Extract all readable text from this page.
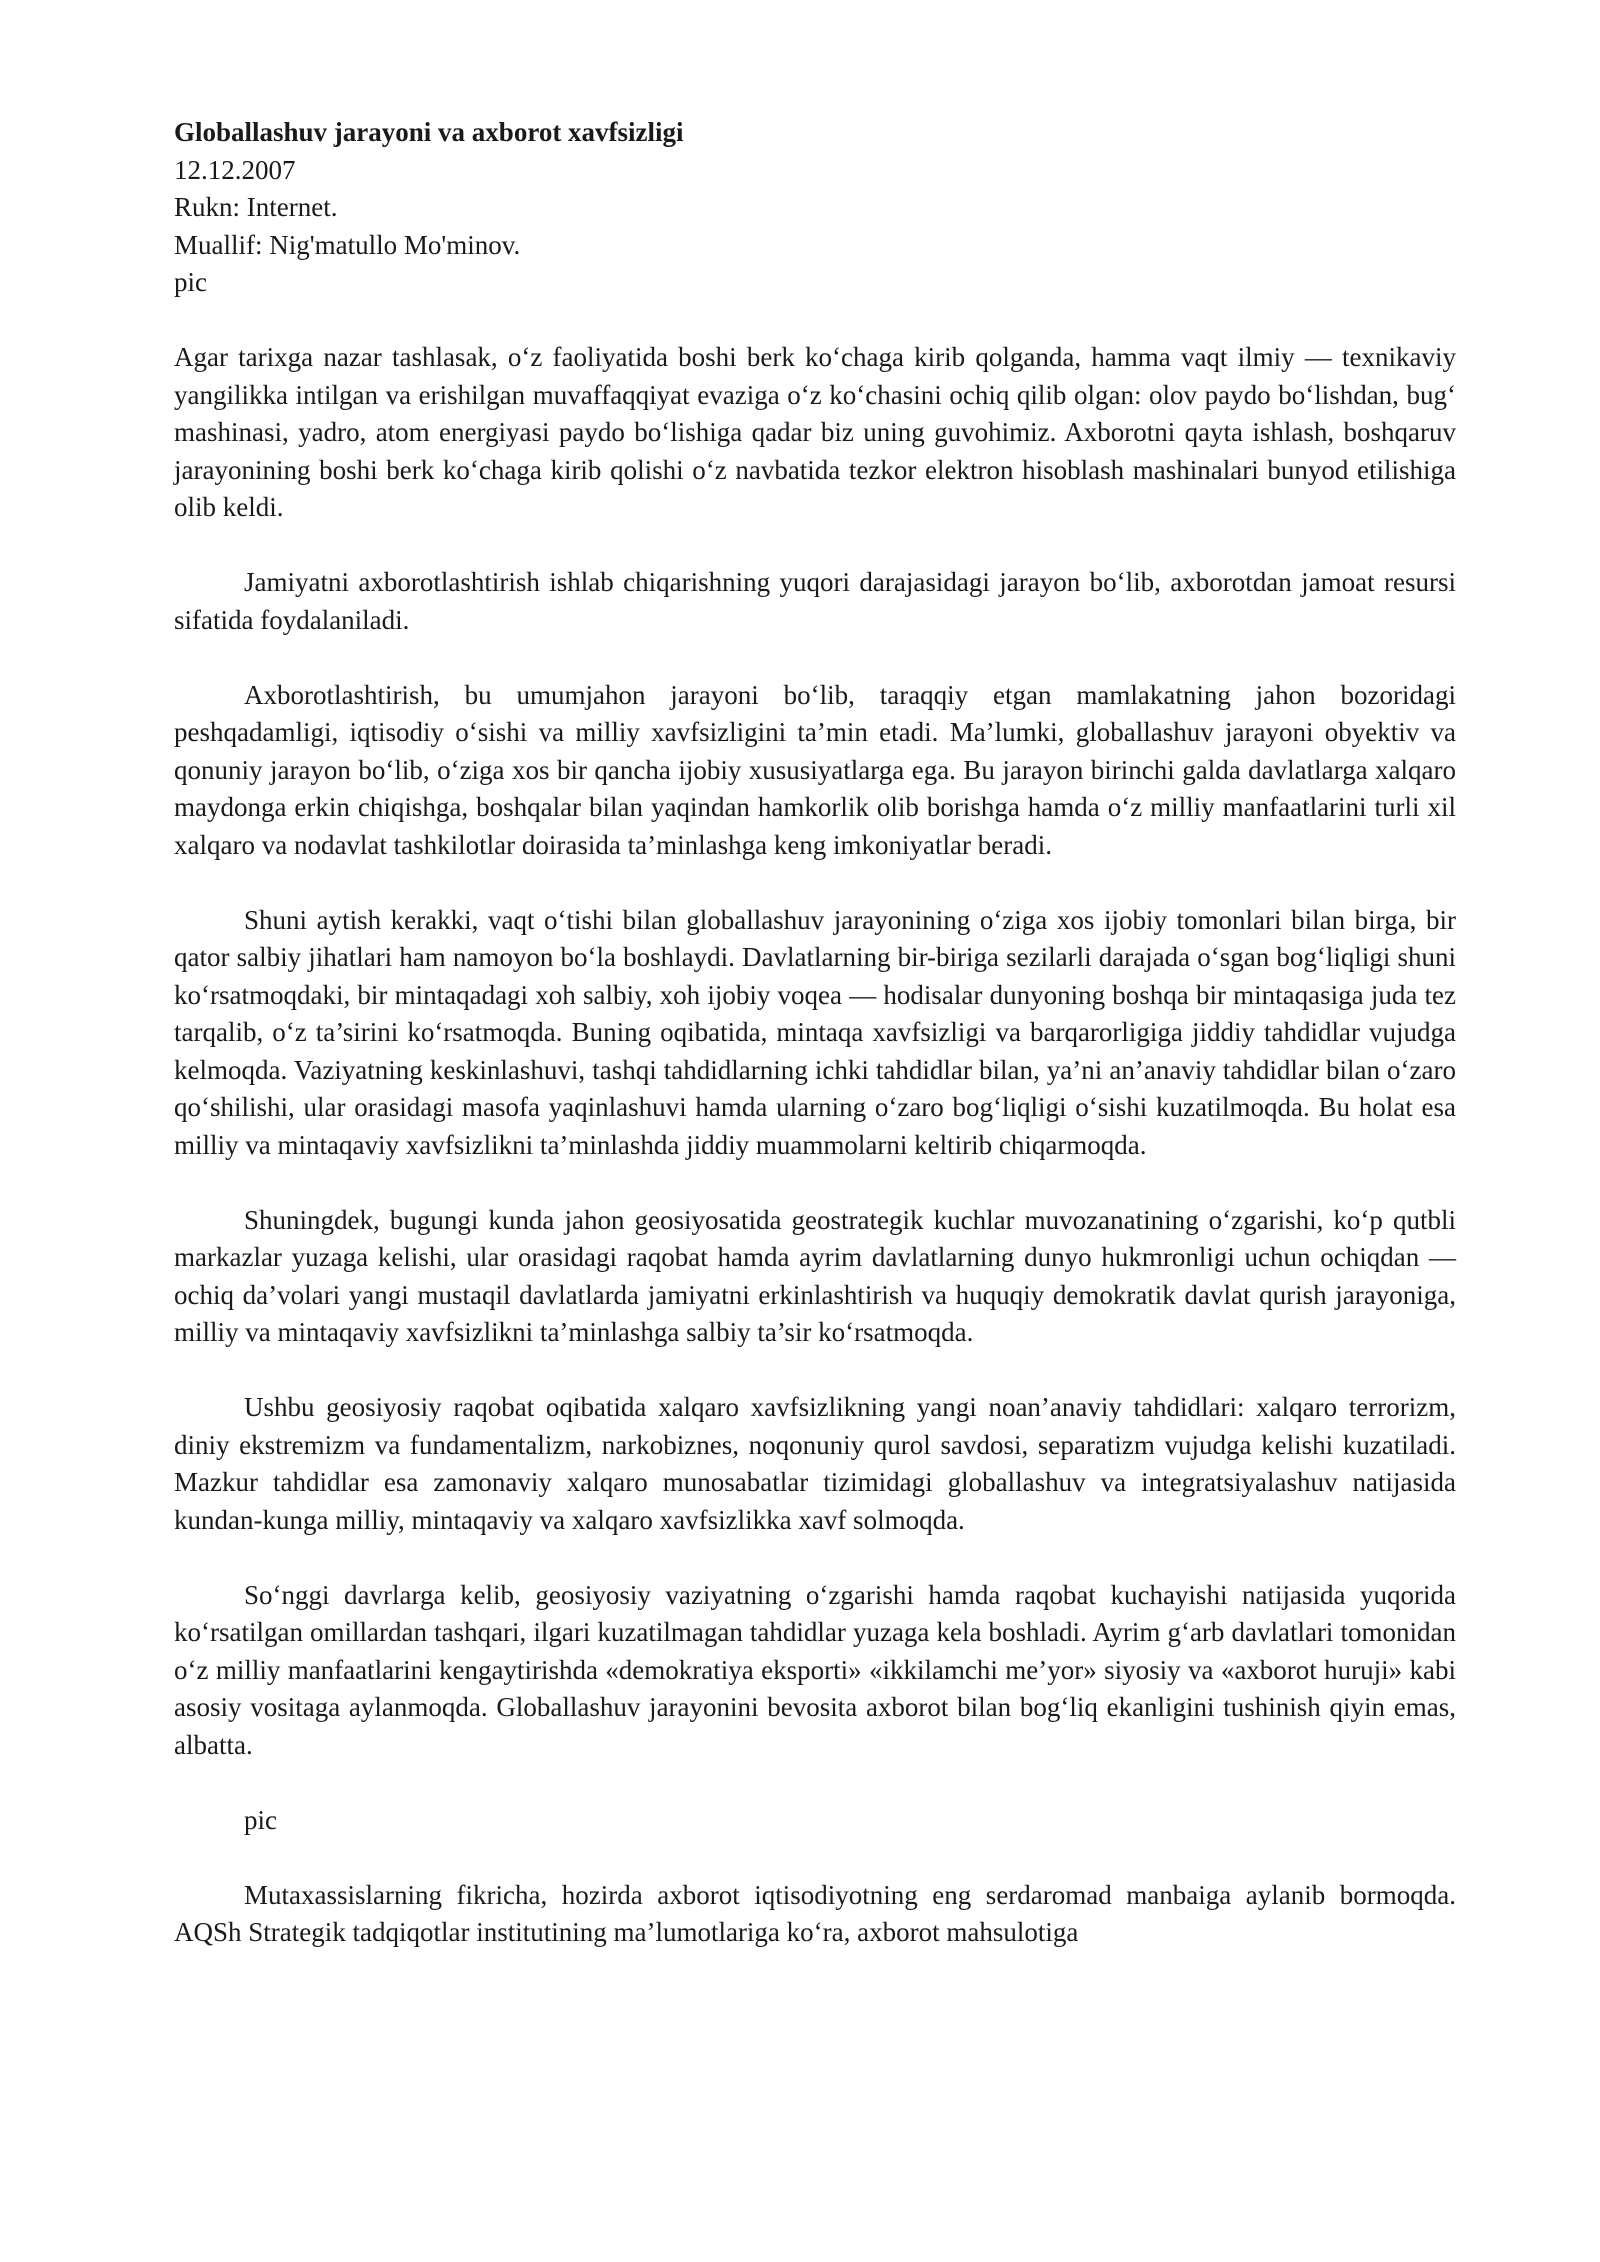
Globallashuv jarayoni va axborot xavfsizligi
12.12.2007
Rukn: Internet.
Muallif: Nig'matullo Mo'minov.
pic

Agar tarixga nazar tashlasak, o‘z faoliyatida boshi berk ko‘chaga kirib qolganda, hamma vaqt ilmiy — texnikaviy yangilikka intilgan va erishilgan muvaffaqqiyat evaziga o‘z ko‘chasini ochiq qilib olgan: olov paydo bo‘lishdan, bug‘ mashinasi, yadro, atom energiyasi paydo bo‘lishiga qadar biz uning guvohimiz. Axborotni qayta ishlash, boshqaruv jarayonining boshi berk ko‘chaga kirib qolishi o‘z navbatida tezkor elektron hisoblash mashinalari bunyod etilishiga olib keldi.

Jamiyatni axborotlashtirish ishlab chiqarishning yuqori darajasidagi jarayon bo‘lib, axborotdan jamoat resursi sifatida foydalaniladi.

Axborotlashtirish, bu umumjahon jarayoni bo‘lib, taraqqiy etgan mamlakatning jahon bozoridagi peshqadamligi, iqtisodiy o‘sishi va milliy xavfsizligini ta’min etadi. Ma’lumki, globallashuv jarayoni obyektiv va qonuniy jarayon bo‘lib, o‘ziga xos bir qancha ijobiy xususiyatlarga ega. Bu jarayon birinchi galda davlatlarga xalqaro maydonga erkin chiqishga, boshqalar bilan yaqindan hamkorlik olib borishga hamda o‘z milliy manfaatlarini turli xil xalqaro va nodavlat tashkilotlar doirasida ta’minlashga keng imkoniyatlar beradi.

Shuni aytish kerakki, vaqt o‘tishi bilan globallashuv jarayonining o‘ziga xos ijobiy tomonlari bilan birga, bir qator salbiy jihatlari ham namoyon bo‘la boshlaydi. Davlatlarning bir-biriga sezilarli darajada o‘sgan bog‘liqligi shuni ko‘rsatmoqdaki, bir mintaqadagi xoh salbiy, xoh ijobiy voqea — hodisalar dunyoning boshqa bir mintaqasiga juda tez tarqalib, o‘z ta’sirini ko‘rsatmoqda. Buning oqibatida, mintaqa xavfsizligi va barqarorligiga jiddiy tahdidlar vujudga kelmoqda. Vaziyatning keskinlashuvi, tashqi tahdidlarning ichki tahdidlar bilan, ya’ni an’anaviy tahdidlar bilan o‘zaro qo‘shilishi, ular orasidagi masofa yaqinlashuvi hamda ularning o‘zaro bog‘liqligi o‘sishi kuzatilmoqda. Bu holat esa milliy va mintaqaviy xavfsizlikni ta’minlashda jiddiy muammolarni keltirib chiqarmoqda.

Shuningdek, bugungi kunda jahon geosiyosatida geostrategik kuchlar muvozanatining o‘zgarishi, ko‘p qutbli markazlar yuzaga kelishi, ular orasidagi raqobat hamda ayrim davlatlarning dunyo hukmronligi uchun ochiqdan — ochiq da’volari yangi mustaqil davlatlarda jamiyatni erkinlashtirish va huquqiy demokratik davlat qurish jarayoniga, milliy va mintaqaviy xavfsizlikni ta’minlashga salbiy ta’sir ko‘rsatmoqda.

Ushbu geosiyosiy raqobat oqibatida xalqaro xavfsizlikning yangi noan’anaviy tahdidlari: xalqaro terrorizm, diniy ekstremizm va fundamentalizm, narkobiznes, noqonuniy qurol savdosi, separatizm vujudga kelishi kuzatiladi. Mazkur tahdidlar esa zamonaviy xalqaro munosabatlar tizimidagi globallashuv va integratsiyalashuv natijasida kundan-kunga milliy, mintaqaviy va xalqaro xavfsizlikka xavf solmoqda.

So‘nggi davrlarga kelib, geosiyosiy vaziyatning o‘zgarishi hamda raqobat kuchayishi natijasida yuqorida ko‘rsatilgan omillardan tashqari, ilgari kuzatilmagan tahdidlar yuzaga kela boshladi. Ayrim g‘arb davlatlari tomonidan o‘z milliy manfaatlarini kengaytirishda «demokratiya eksporti» «ikkilamchi me’yor» siyosiy va «axborot huruji» kabi asosiy vositaga aylanmoqda. Globallashuv jarayonini bevosita axborot bilan bog‘liq ekanligini tushinish qiyin emas, albatta.

pic

Mutaxassislarning fikricha, hozirda axborot iqtisodiyotning eng serdaromad manbaiga aylanib bormoqda. AQSh Strategik tadqiqotlar institutining ma’lumotlariga ko‘ra, axborot mahsulotiga
